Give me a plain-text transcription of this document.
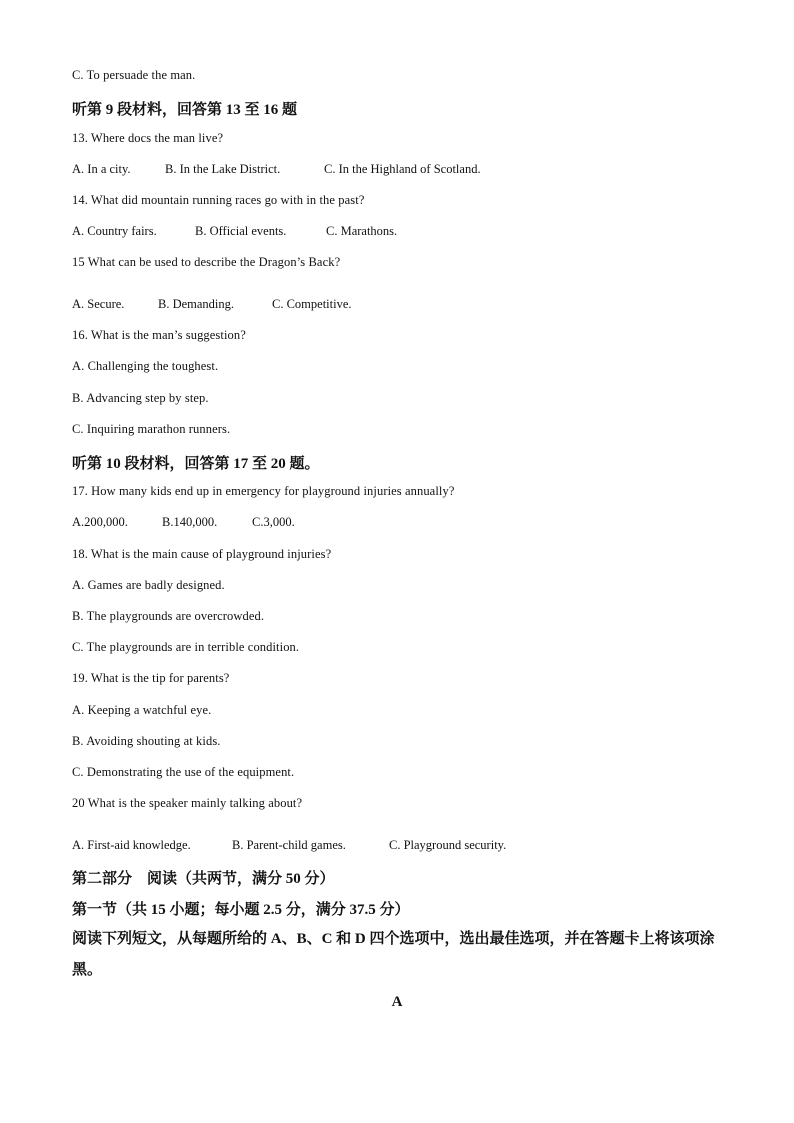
C. To persuade the man.
听第 9 段材料，回答第 13 至 16 题
13. Where docs the man live?
A. In a city.	B. In the Lake District.	C. In the Highland of Scotland.
14. What did mountain running races go with in the past?
A. Country fairs.	B. Official events.	C. Marathons.
15 What can be used to describe the Dragon’s Back?
A. Secure.	B. Demanding.	C. Competitive.
16. What is the man’s suggestion?
A. Challenging the toughest.
B. Advancing step by step.
C. Inquiring marathon runners.
听第 10 段材料，回答第 17 至 20 题。
17. How many kids end up in emergency for playground injuries annually?
A.200,000.	B.140,000.	C.3,000.
18. What is the main cause of playground injuries?
A. Games are badly designed.
B. The playgrounds are overcrowded.
C. The playgrounds are in terrible condition.
19. What is the tip for parents?
A. Keeping a watchful eye.
B. Avoiding shouting at kids.
C. Demonstrating the use of the equipment.
20 What is the speaker mainly talking about?
A. First-aid knowledge.	B. Parent-child games.	C. Playground security.
第二部分　阅读（共两节，满分 50 分）
第一节（共 15 小题；每小题 2.5 分，满分 37.5 分）
阅读下列短文，从每题所给的 A、B、C 和 D 四个选项中，选出最佳选项，并在答题卡上将该项涂黑。
A
